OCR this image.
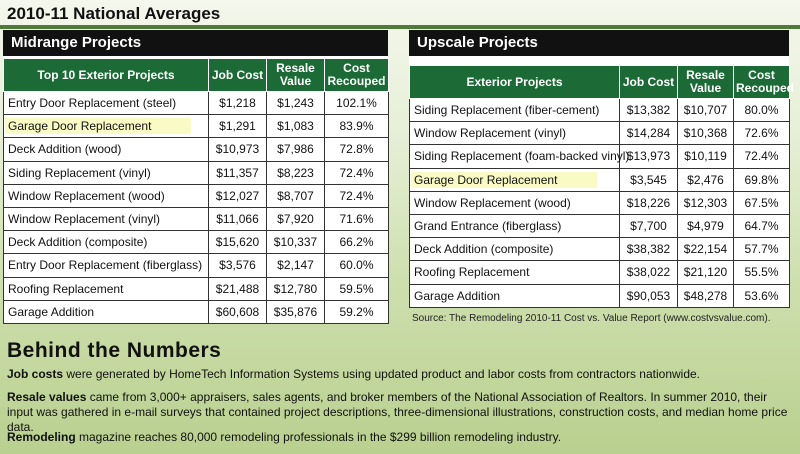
2010-11 National Averages
Midrange Projects
Top 10 Exterior Projects	Job Cost	Resale Value	Cost Recouped
Entry Door Replacement (steel)	$1,218	$1,243	102.1%
Garage Door Replacement	$1,291	$1,083	83.9%
Deck Addition (wood)	$10,973	$7,986	72.8%
Siding Replacement (vinyl)	$11,357	$8,223	72.4%
Window Replacement (wood)	$12,027	$8,707	72.4%
Window Replacement (vinyl)	$11,066	$7,920	71.6%
Deck Addition (composite)	$15,620	$10,337	66.2%
Entry Door Replacement (fiberglass)	$3,576	$2,147	60.0%
Roofing Replacement	$21,488	$12,780	59.5%
Garage Addition	$60,608	$35,876	59.2%
Upscale Projects
Exterior Projects	Job Cost	Resale Value	Cost Recouped
Siding Replacement (fiber-cement)	$13,382	$10,707	80.0%
Window Replacement (vinyl)	$14,284	$10,368	72.6%
Siding Replacement (foam-backed vinyl)	$13,973	$10,119	72.4%
Garage Door Replacement	$3,545	$2,476	69.8%
Window Replacement (wood)	$18,226	$12,303	67.5%
Grand Entrance (fiberglass)	$7,700	$4,979	64.7%
Deck Addition (composite)	$38,382	$22,154	57.7%
Roofing Replacement	$38,022	$21,120	55.5%
Garage Addition	$90,053	$48,278	53.6%
Source: The Remodeling 2010-11 Cost vs. Value Report (www.costvsvalue.com).
Behind the Numbers
Job costs were generated by HomeTech Information Systems using updated product and labor costs from contractors nationwide.
Resale values came from 3,000+ appraisers, sales agents, and broker members of the National Association of Realtors. In summer 2010, their input was gathered in e-mail surveys that contained project descriptions, three-dimensional illustrations, construction costs, and median home price data.
Remodeling magazine reaches 80,000 remodeling professionals in the $299 billion remodeling industry.
